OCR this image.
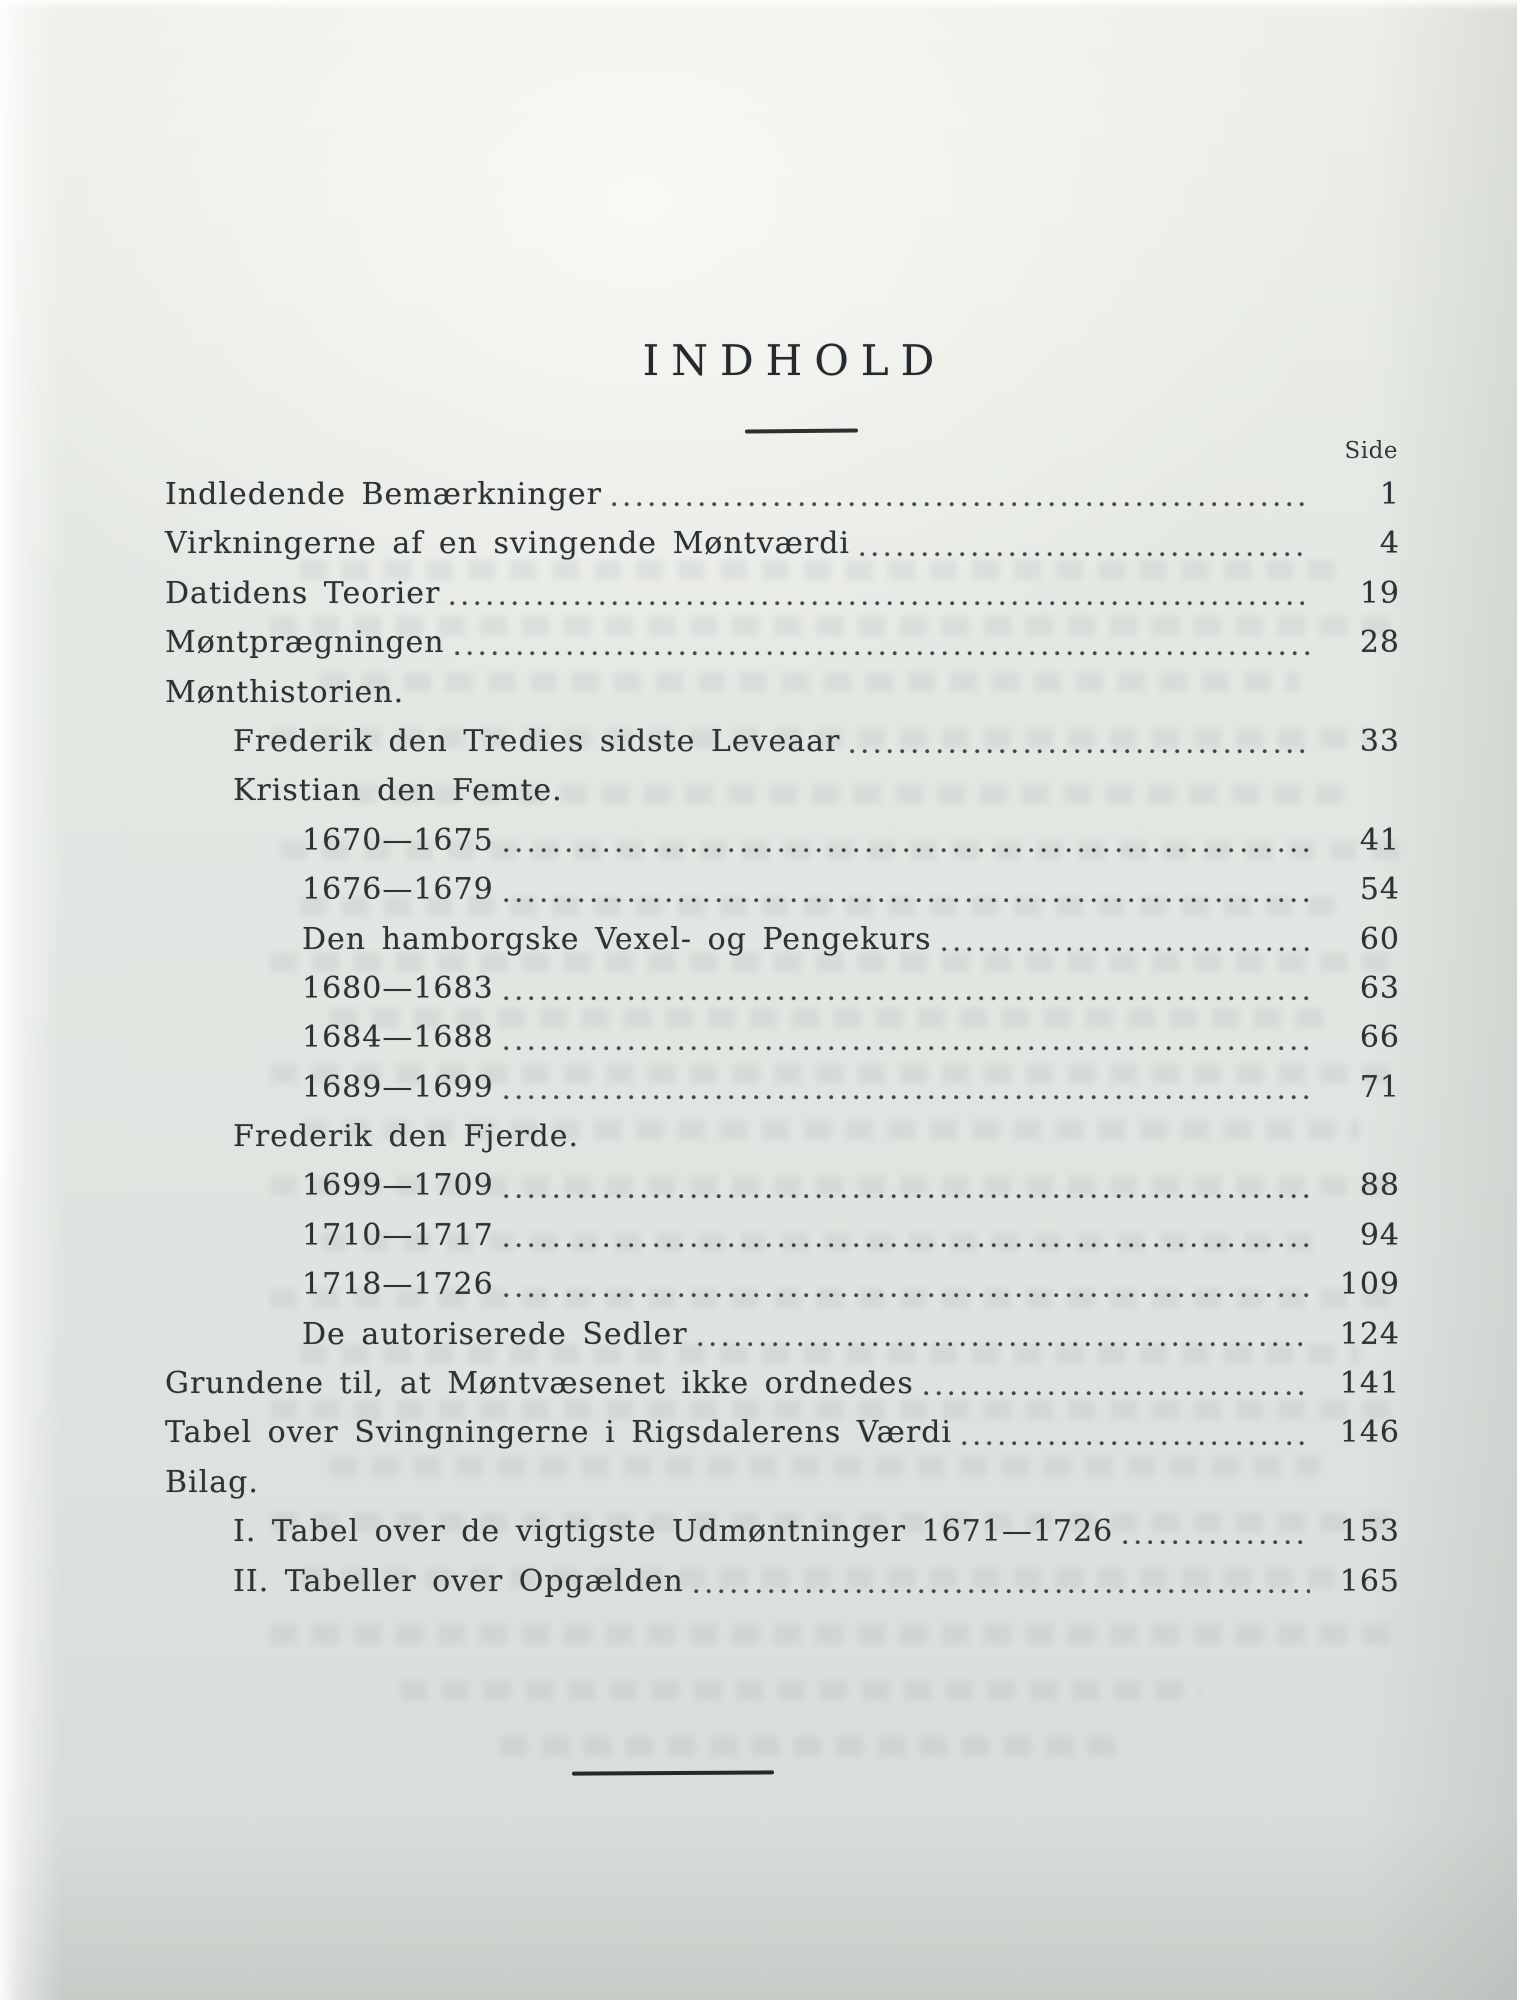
INDHOLD
Side
Indledende Bemærkninger	1
Virkningerne af en svingende Møntværdi	4
Datidens Teorier	19
Møntprægningen	28
Mønthistorien.
Frederik den Tredies sidste Leveaar	33
Kristian den Femte.
1670—1675	41
1676—1679	54
Den hamborgske Vexel- og Pengekurs	60
1680—1683	63
1684—1688	66
1689—1699	71
Frederik den Fjerde.
1699—1709	88
1710—1717	94
1718—1726	109
De autoriserede Sedler	124
Grundene til, at Møntvæsenet ikke ordnedes	141
Tabel over Svingningerne i Rigsdalerens Værdi	146
Bilag.
I. Tabel over de vigtigste Udmøntninger 1671—1726	153
II. Tabeller over Opgælden	165
